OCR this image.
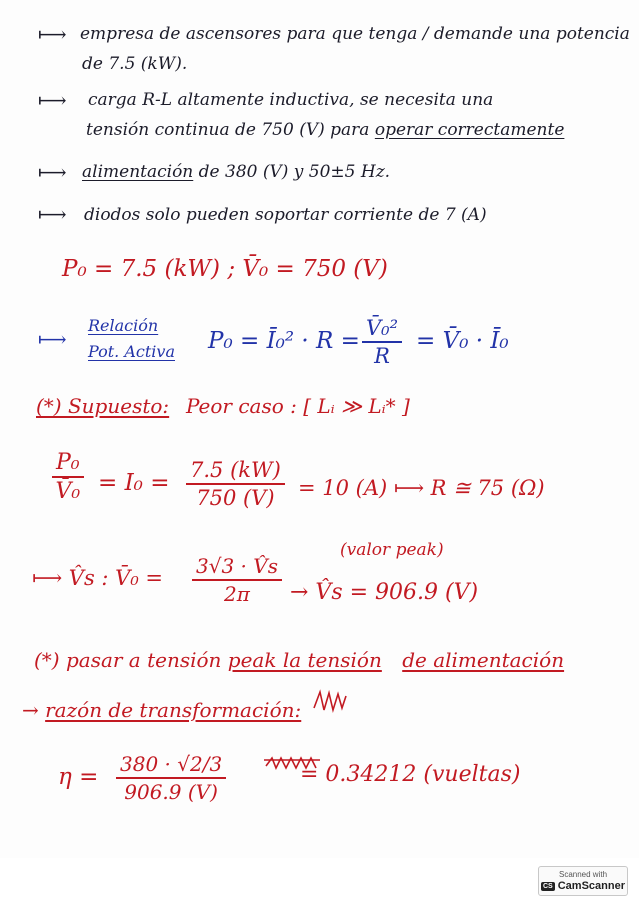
⟼ empresa de ascensores para que tenga / demande una potencia
de 7.5 (kW).
⟼ carga R-L altamente inductiva, se necesita una
tensión continua de 750 (V) para operar correctamente
⟼ alimentación de 380 (V) y 50±5 Hz.
⟼ diodos solo pueden soportar corriente de 7 (A)
P₀ = 7.5 (kW) ; V̄₀ = 750 (V)
⟼
Relación
Pot. Activa P₀ = Ī₀² · $R = \frac{\text{V̄₀²}}{R}$ = V̄₀ · Ī₀
(*) Supuesto: Peor caso : [ Lᵢ ≫ Lᵢ* ]
$\frac{\text{P₀}}{\text{V̄₀}} = I_0 = \frac{7.5 (kW)}{750 (V)} = 10$ (A) ⟼ R ≅ 75 (Ω)
(valor peak)
⟼ V̂s : V̄₀ = $\frac{3√3 \cdot V̂s}{2\pi}$ → V̂s = 906.9 (V)
(*) pasar a tensión peak la tensión de alimentación
→ razón de transformación:
$\eta = \frac{380 \cdot √2/3}{906.9 (V)}$	= 0.34212 (vueltas)
Scanned with
CS CamScanner
